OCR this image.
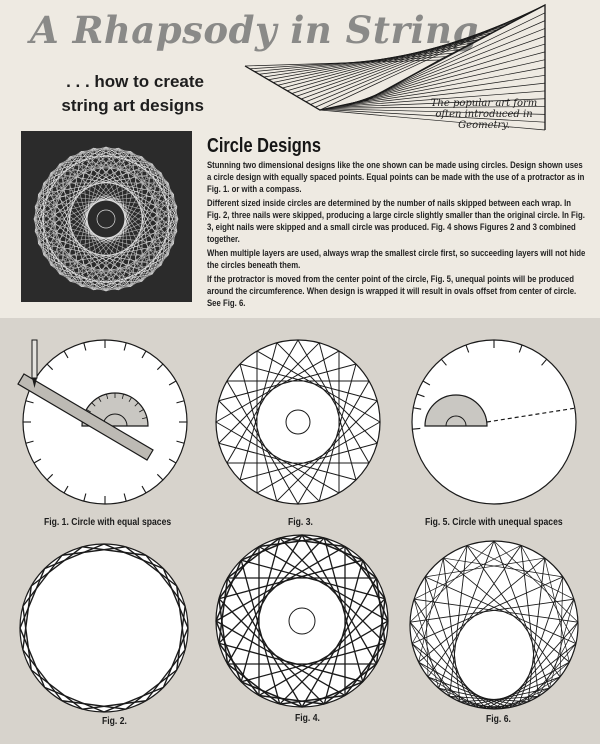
A Rhapsody in String

. . . how to create
string art designs	The popular art form often introduced in Geometry.

Circle Designs

Stunning two dimensional designs like the one shown can be made using circles. Design shown uses a circle design with equally spaced points. Equal points can be made with the use of a protractor as in Fig. 1. or with a compass.

Different sized inside circles are determined by the number of nails skipped between each wrap. In Fig. 2, three nails were skipped, producing a large circle slightly smaller than the original circle. In Fig. 3, eight nails were skipped and a small circle was produced. Fig. 4 shows Figures 2 and 3 combined together.

When multiple layers are used, always wrap the smallest circle first, so succeeding layers will not hide the circles beneath them.

If the protractor is moved from the center point of the circle, Fig. 5, unequal points will be produced around the circumference. When design is wrapped it will result in ovals offset from center of circle. See Fig. 6.

Fig. 1. Circle with equal spaces	Fig. 3.	Fig. 5. Circle with unequal spaces

Fig. 2.	Fig. 4.	Fig. 6.
